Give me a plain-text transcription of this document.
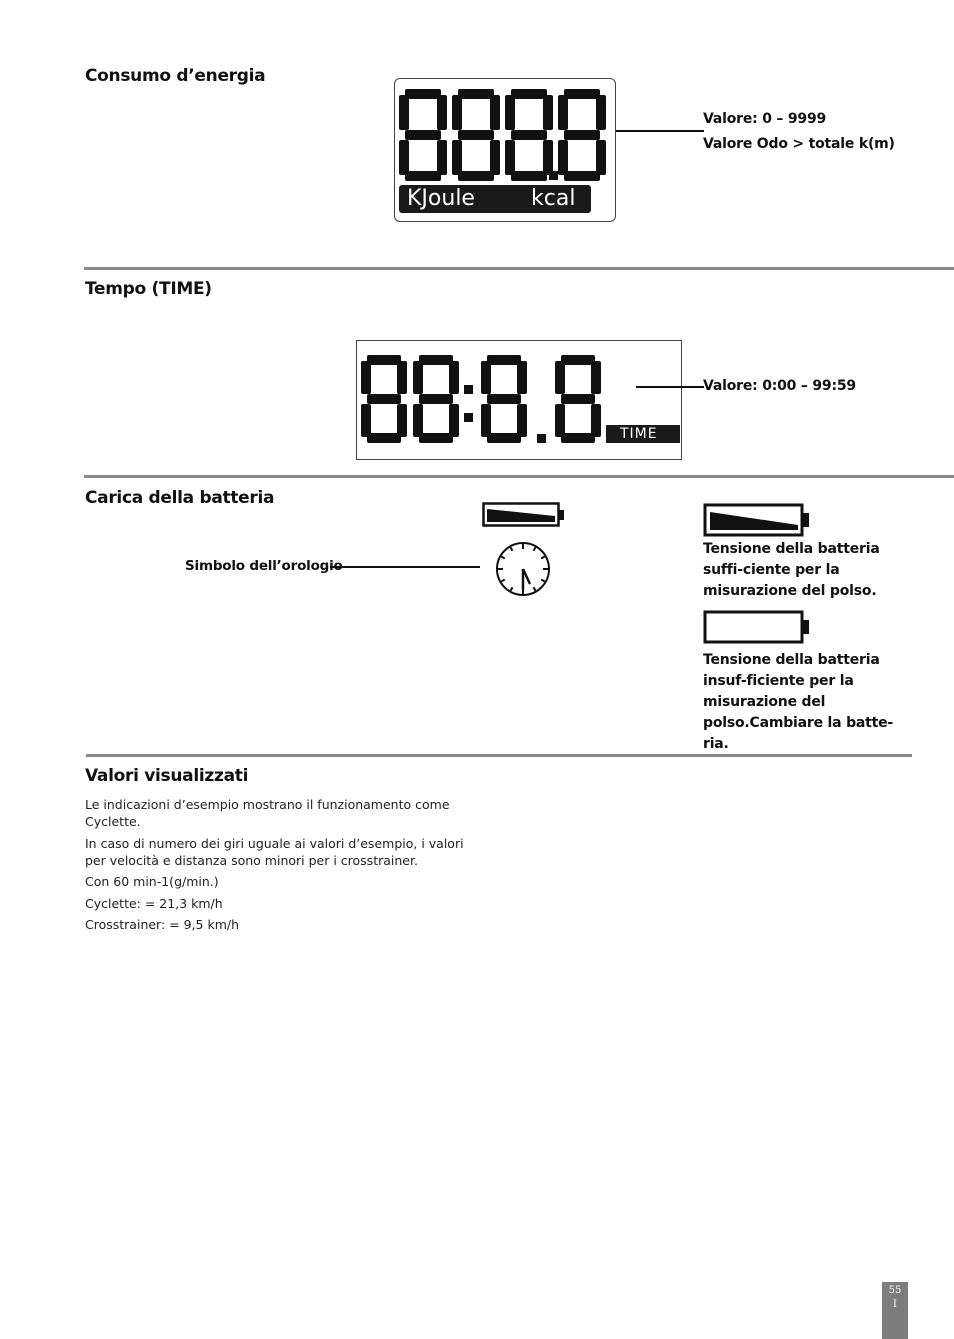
Consumo d’energia
KJoule	kcal
Valore: 0 – 9999
Valore Odo > totale k(m)
Tempo (TIME)
TIME
Valore: 0:00 – 99:59
Carica della batteria
Simbolo dell’orologio
Tensione della batteria suffi-ciente per la misurazione del polso.
Tensione della batteria insuf-ficiente per la misurazione del polso.Cambiare la batte-ria.
Valori visualizzati
Le indicazioni d’esempio mostrano il funzionamento come Cyclette.
In caso di numero dei giri uguale ai valori d’esempio, i valori per velocità e distanza sono minori per i crosstrainer.
Con 60 min-1(g/min.)
Cyclette: = 21,3 km/h
Crosstrainer: = 9,5 km/h
55
I
